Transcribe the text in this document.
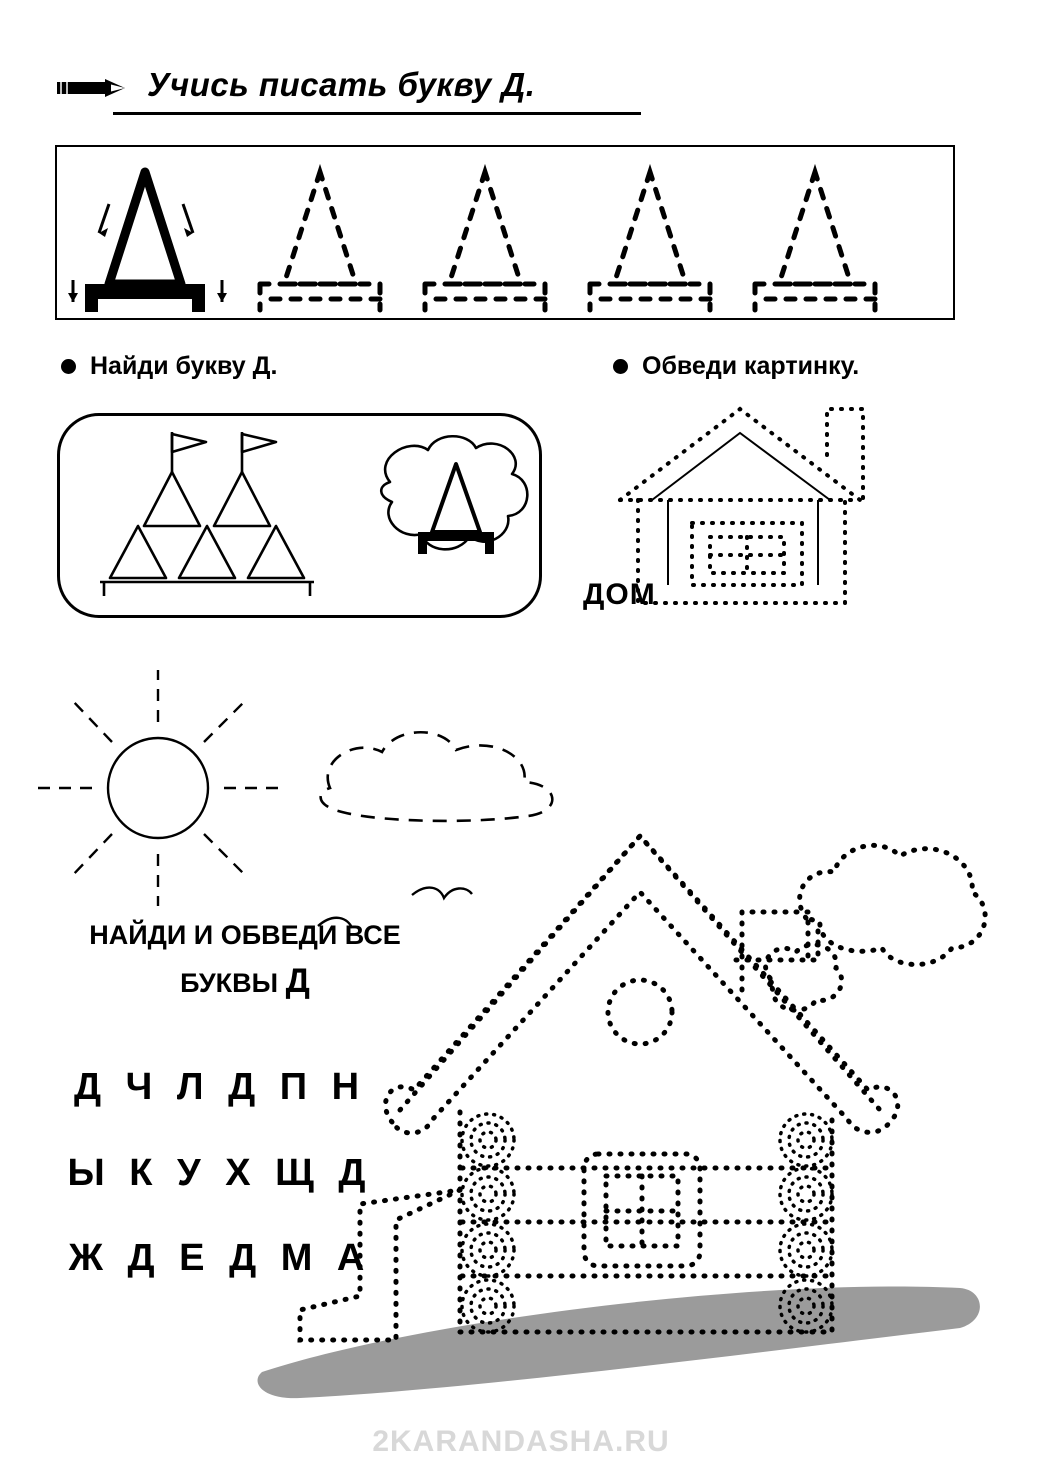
Учись писать букву Д.
Найди букву Д.	Обведи картинку.
ДОМ
НАЙДИ И ОБВЕДИ ВСЕ
БУКВЫ Д
Д Ч Л Д П Н
Ы К У Х Щ Д
Ж Д Е Д М А
2KARANDASHA.RU
